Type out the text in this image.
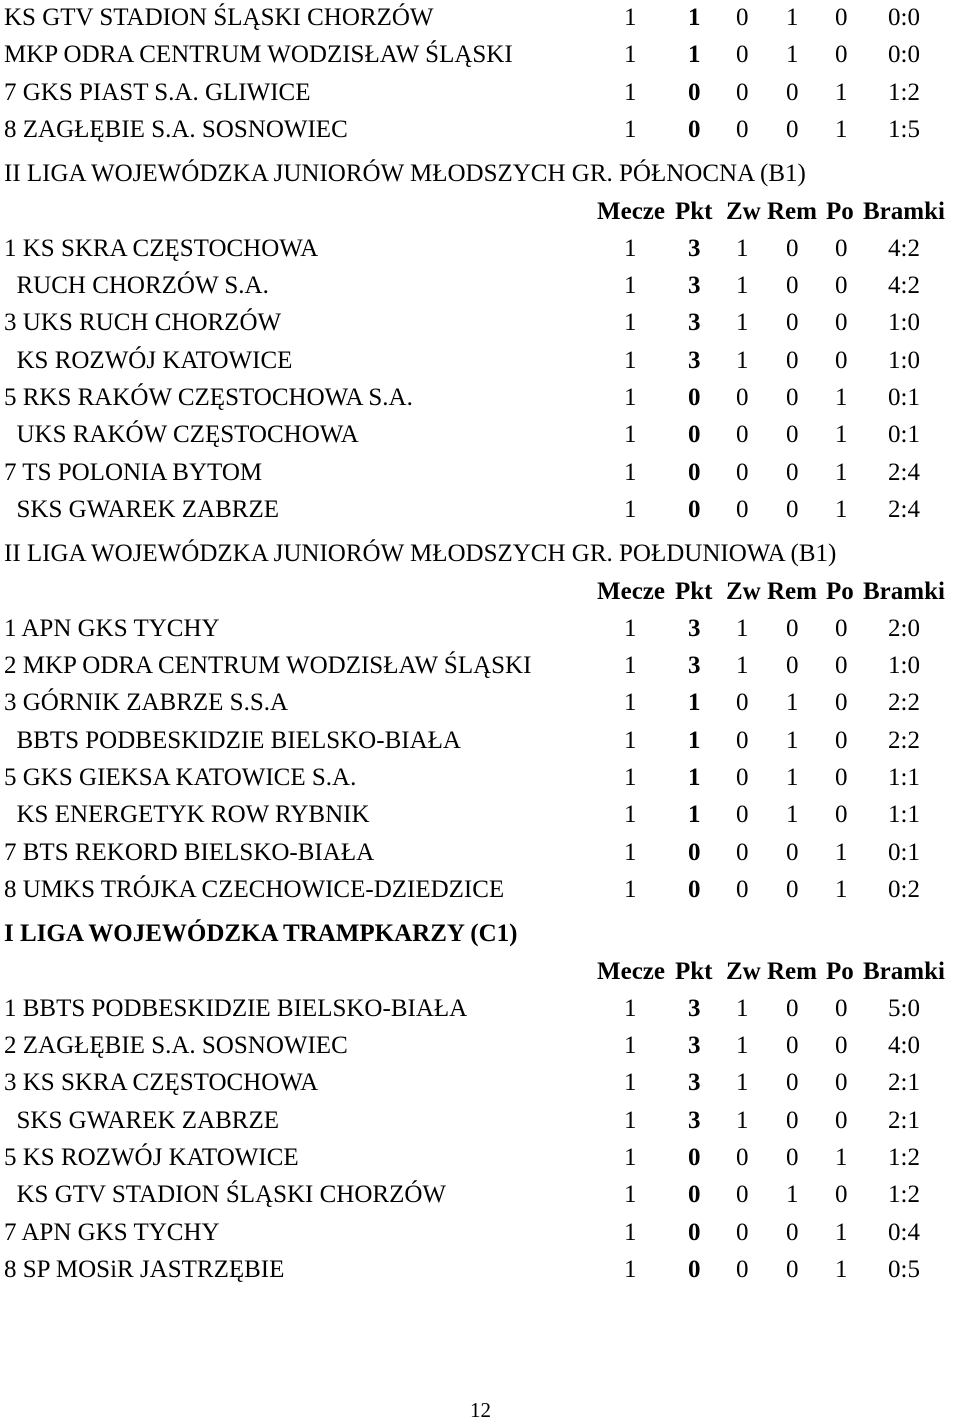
KS GTV STADION ŚLĄSKI CHORZÓW	1 1 0 1 0 0:0
MKP ODRA CENTRUM WODZISŁAW ŚLĄSKI	1 1 0 1 0 0:0
7 GKS PIAST S.A. GLIWICE	1 0 0 0 1 1:2
8 ZAGŁĘBIE S.A. SOSNOWIEC	1 0 0 0 1 1:5
II LIGA WOJEWÓDZKA JUNIORÓW MŁODSZYCH GR. PÓŁNOCNA (B1)
Mecze Pkt Zw Rem Po Bramki
1 KS SKRA CZĘSTOCHOWA	1 3 1 0 0 4:2
RUCH CHORZÓW S.A.	1 3 1 0 0 4:2
3 UKS RUCH CHORZÓW	1 3 1 0 0 1:0
KS ROZWÓJ KATOWICE	1 3 1 0 0 1:0
5 RKS RAKÓW CZĘSTOCHOWA S.A.	1 0 0 0 1 0:1
UKS RAKÓW CZĘSTOCHOWA	1 0 0 0 1 0:1
7 TS POLONIA BYTOM	1 0 0 0 1 2:4
SKS GWAREK ZABRZE	1 0 0 0 1 2:4
II LIGA WOJEWÓDZKA JUNIORÓW MŁODSZYCH GR. POŁDUNIOWA (B1)
Mecze Pkt Zw Rem Po Bramki
1 APN GKS TYCHY	1 3 1 0 0 2:0
2 MKP ODRA CENTRUM WODZISŁAW ŚLĄSKI	1 3 1 0 0 1:0
3 GÓRNIK ZABRZE S.S.A	1 1 0 1 0 2:2
BBTS PODBESKIDZIE BIELSKO-BIAŁA	1 1 0 1 0 2:2
5 GKS GIEKSA KATOWICE S.A.	1 1 0 1 0 1:1
KS ENERGETYK ROW RYBNIK	1 1 0 1 0 1:1
7 BTS REKORD BIELSKO-BIAŁA	1 0 0 0 1 0:1
8 UMKS TRÓJKA CZECHOWICE-DZIEDZICE	1 0 0 0 1 0:2
I LIGA WOJEWÓDZKA TRAMPKARZY (C1)
Mecze Pkt Zw Rem Po Bramki
1 BBTS PODBESKIDZIE BIELSKO-BIAŁA	1 3 1 0 0 5:0
2 ZAGŁĘBIE S.A. SOSNOWIEC	1 3 1 0 0 4:0
3 KS SKRA CZĘSTOCHOWA	1 3 1 0 0 2:1
SKS GWAREK ZABRZE	1 3 1 0 0 2:1
5 KS ROZWÓJ KATOWICE	1 0 0 0 1 1:2
KS GTV STADION ŚLĄSKI CHORZÓW	1 0 0 1 0 1:2
7 APN GKS TYCHY	1 0 0 0 1 0:4
8 SP MOSiR JASTRZĘBIE	1 0 0 0 1 0:5
12
